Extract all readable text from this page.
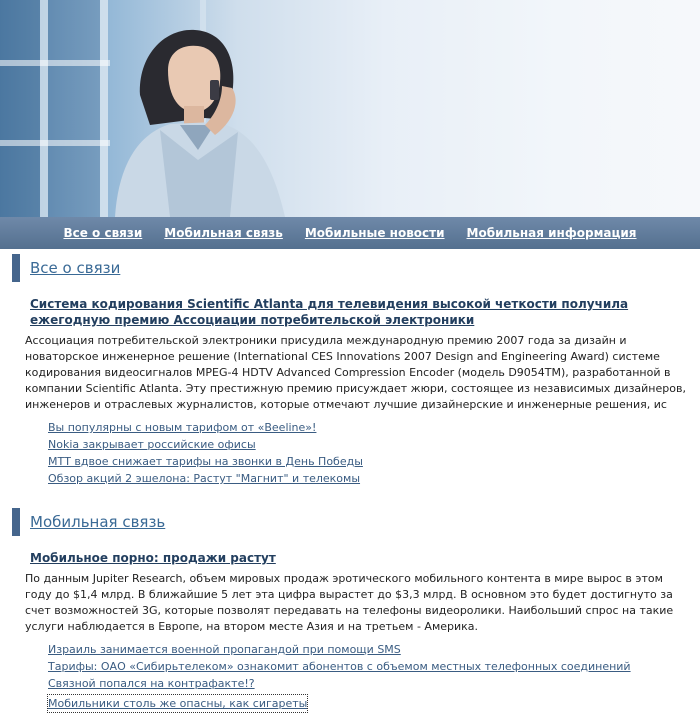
Все о связи Мобильная связь Мобильные новости Мобильная информация
Все о связи
Система кодирования Scientific Atlanta для телевидения высокой четкости получила ежегодную премию Ассоциации потребительской электроники
Ассоциация потребительской электроники присудила международную премию 2007 года за дизайн и новаторское инженерное решение (International CES Innovations 2007 Design and Engineering Award) системе кодирования видеосигналов MPEG-4 HDTV Advanced Compression Encoder (модель D9054TM), разработанной в компании Scientific Atlanta. Эту престижную премию присуждает жюри, состоящее из независимых дизайнеров, инженеров и отраслевых журналистов, которые отмечают лучшие дизайнерские и инженерные решения, ис
Вы популярны с новым тарифом от «Beeline»!
Nokia закрывает российские офисы
МТТ вдвое снижает тарифы на звонки в День Победы
Обзор акций 2 эшелона: Растут "Магнит" и телекомы
Мобильная связь
Мобильное порно: продажи растут
По данным Jupiter Research, объем мировых продаж эротического мобильного контента в мире вырос в этом году до $1,4 млрд. В ближайшие 5 лет эта цифра вырастет до $3,3 млрд. В основном это будет достигнуто за счет возможностей 3G, которые позволят передавать на телефоны видеоролики. Наибольший спрос на такие услуги наблюдается в Европе, на втором месте Азия и на третьем - Америка.
Израиль занимается военной пропагандой при помощи SMS
Тарифы: ОАО «Сибирьтелеком» ознакомит абонентов с объемом местных телефонных соединений
Связной попался на контрафакте!?
Мобильники столь же опасны, как сигареты
